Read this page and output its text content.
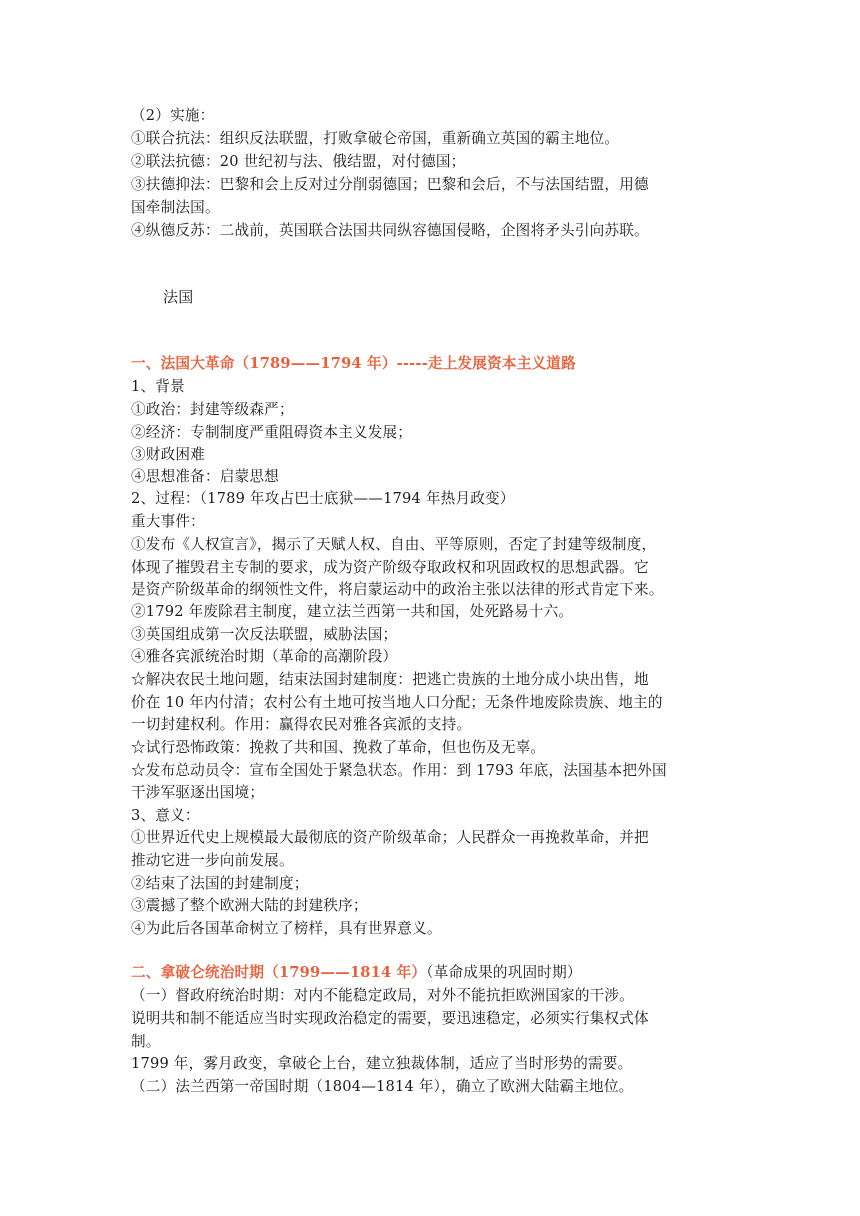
（2）实施：
①联合抗法：组织反法联盟，打败拿破仑帝国，重新确立英国的霸主地位。
②联法抗德：20 世纪初与法、俄结盟，对付德国；
③扶德抑法：巴黎和会上反对过分削弱德国；巴黎和会后，不与法国结盟，用德
国牵制法国。
④纵德反苏：二战前，英国联合法国共同纵容德国侵略，企图将矛头引向苏联。
法国
一、法国大革命（1789——1794 年）-----走上发展资本主义道路
1、背景
①政治：封建等级森严；
②经济：专制制度严重阻碍资本主义发展；
③财政困难
④思想准备：启蒙思想
2、过程：（1789 年攻占巴士底狱——1794 年热月政变）
重大事件：
①发布《人权宣言》，揭示了天赋人权、自由、平等原则，否定了封建等级制度，
体现了摧毁君主专制的要求，成为资产阶级夺取政权和巩固政权的思想武器。它
是资产阶级革命的纲领性文件，将启蒙运动中的政治主张以法律的形式肯定下来。
②1792 年废除君主制度，建立法兰西第一共和国，处死路易十六。
③英国组成第一次反法联盟，威胁法国；
④雅各宾派统治时期（革命的高潮阶段）
☆解决农民土地问题，结束法国封建制度：把逃亡贵族的土地分成小块出售，地
价在 10 年内付清；农村公有土地可按当地人口分配；无条件地废除贵族、地主的
一切封建权利。作用：赢得农民对雅各宾派的支持。
☆试行恐怖政策：挽救了共和国、挽救了革命，但也伤及无辜。
☆发布总动员令：宣布全国处于紧急状态。作用：到 1793 年底，法国基本把外国
干涉军驱逐出国境；
3、意义：
①世界近代史上规模最大最彻底的资产阶级革命；人民群众一再挽救革命，并把
推动它进一步向前发展。
②结束了法国的封建制度；
③震撼了整个欧洲大陆的封建秩序；
④为此后各国革命树立了榜样，具有世界意义。
二、拿破仑统治时期（1799——1814 年）（革命成果的巩固时期）
（一）督政府统治时期：对内不能稳定政局，对外不能抗拒欧洲国家的干涉。
说明共和制不能适应当时实现政治稳定的需要，要迅速稳定，必须实行集权式体
制。
1799 年，雾月政变，拿破仑上台，建立独裁体制，适应了当时形势的需要。
（二）法兰西第一帝国时期（1804—1814 年），确立了欧洲大陆霸主地位。
